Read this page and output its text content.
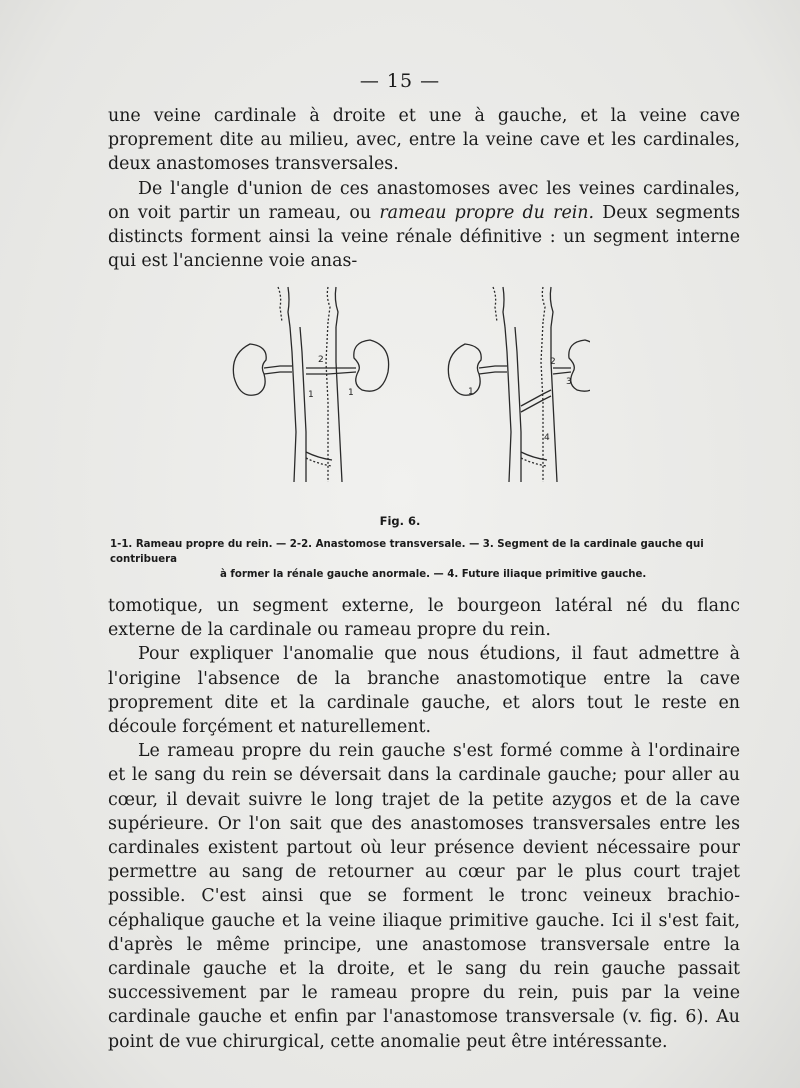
— 15 —

une veine cardinale à droite et une à gauche, et la veine cave proprement dite au milieu, avec, entre la veine cave et les cardinales, deux anastomoses transversales.

De l'angle d'union de ces anastomoses avec les veines cardinales, on voit partir un rameau, ou rameau propre du rein. Deux segments distincts forment ainsi la veine rénale définitive : un segment interne qui est l'ancienne voie anas-

1	1
2	2
1
3
4
Fig. 6.
1-1. Rameau propre du rein. — 2-2. Anastomose transversale. — 3. Segment de la cardinale gauche qui contribuera
à former la rénale gauche anormale. — 4. Future iliaque primitive gauche.

tomotique, un segment externe, le bourgeon latéral né du flanc externe de la cardinale ou rameau propre du rein.

Pour expliquer l'anomalie que nous étudions, il faut admettre à l'origine l'absence de la branche anastomotique entre la cave proprement dite et la cardinale gauche, et alors tout le reste en découle forçément et naturellement.

Le rameau propre du rein gauche s'est formé comme à l'ordinaire et le sang du rein se déversait dans la cardinale gauche; pour aller au cœur, il devait suivre le long trajet de la petite azygos et de la cave supérieure. Or l'on sait que des anastomoses transversales entre les cardinales existent partout où leur présence devient nécessaire pour permettre au sang de retourner au cœur par le plus court trajet possible. C'est ainsi que se forment le tronc veineux brachio-céphalique gauche et la veine iliaque primitive gauche. Ici il s'est fait, d'après le même principe, une anastomose transversale entre la cardinale gauche et la droite, et le sang du rein gauche passait successivement par le rameau propre du rein, puis par la veine cardinale gauche et enfin par l'anastomose transversale (v. fig. 6). Au point de vue chirurgical, cette anomalie peut être intéressante.
